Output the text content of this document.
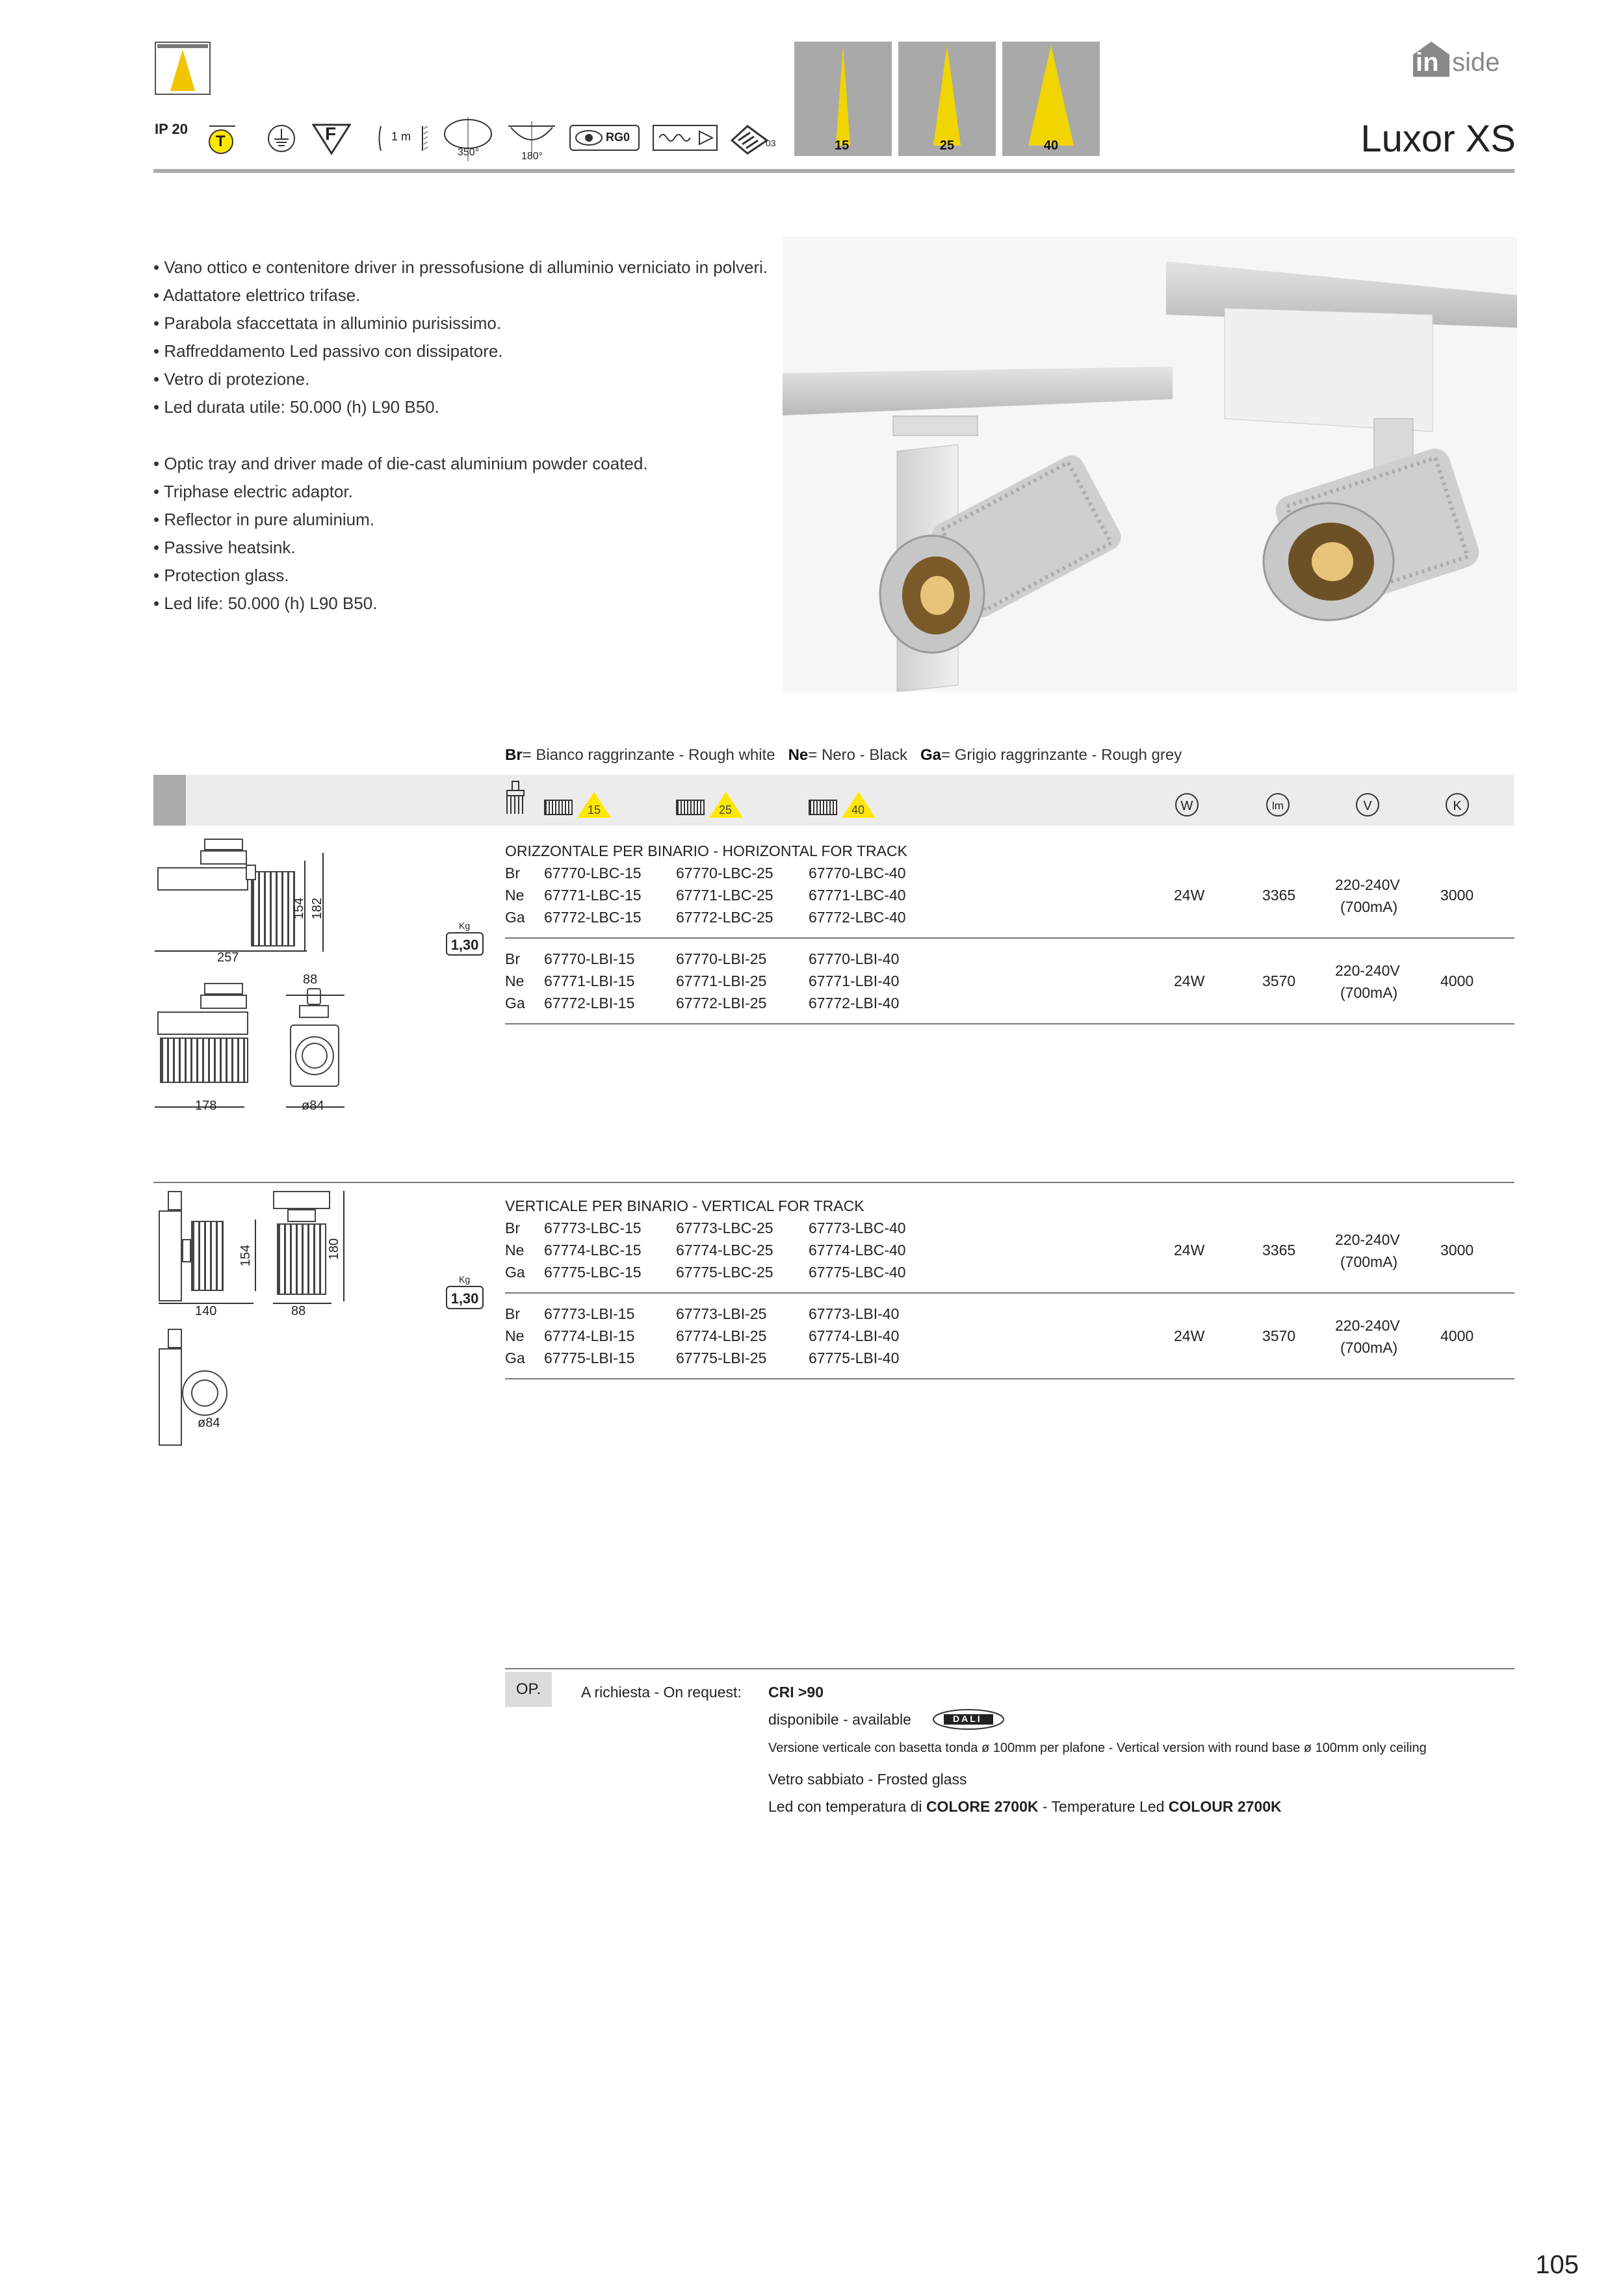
IP 20
T	F	1 m
350°	180°
RG0	03	15	25	40
in side
Luxor XS
• Vano ottico e contenitore driver in pressofusione di alluminio verniciato in polveri.
• Adattatore elettrico trifase.
• Parabola sfaccettata in alluminio purisissimo.
• Raffreddamento Led passivo con dissipatore.
• Vetro di protezione.
• Led durata utile: 50.000 (h) L90 B50.
• Optic tray and driver made of die-cast aluminium powder coated.
• Triphase electric adaptor.
• Reflector in pure aluminium.
• Passive heatsink.
• Protection glass.
• Led life: 50.000 (h) L90 B50.
Br= Bianco raggrinzante - Rough white Ne= Nero - Black Ga= Grigio raggrinzante - Rough grey
15	25	40	W	lm	V	K
154 182
257
178
88
ø84
Kg
1,30
ORIZZONTALE PER BINARIO - HORIZONTAL FOR TRACK
Br 67770-LBC-15 67770-LBC-25 67770-LBC-40
Ne 67771-LBC-15 67771-LBC-25 67771-LBC-40
Ga 67772-LBC-15 67772-LBC-25 67772-LBC-40
24W	3365
220-240V
(700mA)
3000
Br 67770-LBI-15	67770-LBI-25	67770-LBI-40
Ne 67771-LBI-15	67771-LBI-25	67771-LBI-40
Ga 67772-LBI-15	67772-LBI-25	67772-LBI-40
24W	3570
220-240V
(700mA)
4000
154
140
180
88
ø84
Kg
1,30
VERTICALE PER BINARIO - VERTICAL FOR TRACK
Br 67773-LBC-15 67773-LBC-25 67773-LBC-40
Ne 67774-LBC-15 67774-LBC-25 67774-LBC-40
Ga 67775-LBC-15 67775-LBC-25 67775-LBC-40
24W	3365
220-240V
(700mA)
3000
Br 67773-LBI-15	67773-LBI-25	67773-LBI-40
Ne 67774-LBI-15	67774-LBI-25	67774-LBI-40
Ga 67775-LBI-15	67775-LBI-25	67775-LBI-40
24W	3570
220-240V
(700mA)
4000
OP.	A richiesta - On request: CRI >90
disponibile - available	DALI
Versione verticale con basetta tonda ø 100mm per plafone - Vertical version with round base ø 100mm only ceiling
Vetro sabbiato - Frosted glass
Led con temperatura di COLORE 2700K - Temperature Led COLOUR 2700K
105
